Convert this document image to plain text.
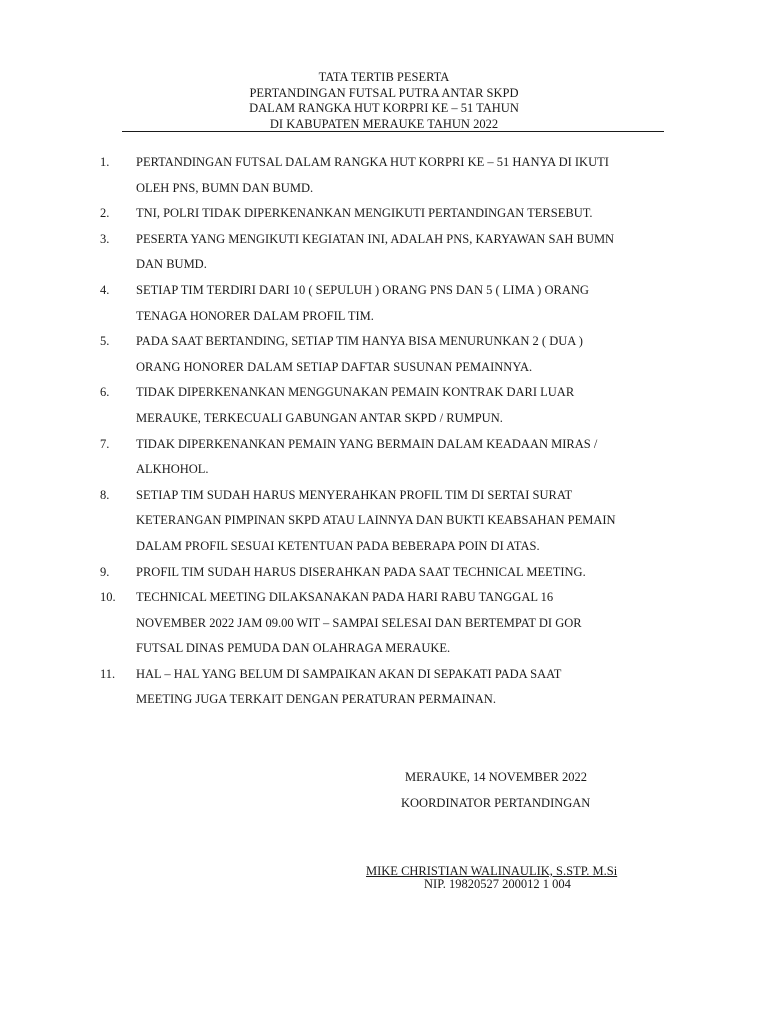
TATA TERTIB PESERTA
PERTANDINGAN FUTSAL PUTRA ANTAR SKPD
DALAM RANGKA HUT KORPRI KE – 51 TAHUN
DI KABUPATEN MERAUKE TAHUN 2022
1.	PERTANDINGAN FUTSAL DALAM RANGKA HUT KORPRI KE – 51 HANYA DI IKUTI
OLEH PNS, BUMN DAN BUMD.
2.	TNI, POLRI TIDAK DIPERKENANKAN MENGIKUTI PERTANDINGAN TERSEBUT.
3.	PESERTA YANG MENGIKUTI KEGIATAN INI, ADALAH PNS, KARYAWAN SAH BUMN
DAN BUMD.
4.	SETIAP TIM TERDIRI DARI 10 ( SEPULUH ) ORANG PNS DAN 5 ( LIMA ) ORANG
TENAGA HONORER DALAM PROFIL TIM.
5.	PADA SAAT BERTANDING, SETIAP TIM HANYA BISA MENURUNKAN 2 ( DUA )
ORANG HONORER DALAM SETIAP DAFTAR SUSUNAN PEMAINNYA.
6.	TIDAK DIPERKENANKAN MENGGUNAKAN PEMAIN KONTRAK DARI LUAR
MERAUKE, TERKECUALI GABUNGAN ANTAR SKPD / RUMPUN.
7.	TIDAK DIPERKENANKAN PEMAIN YANG BERMAIN DALAM KEADAAN MIRAS /
ALKHOHOL.
8.	SETIAP TIM SUDAH HARUS MENYERAHKAN PROFIL TIM DI SERTAI SURAT
KETERANGAN PIMPINAN SKPD ATAU LAINNYA DAN BUKTI KEABSAHAN PEMAIN
DALAM PROFIL SESUAI KETENTUAN PADA BEBERAPA POIN DI ATAS.
9.	PROFIL TIM SUDAH HARUS DISERAHKAN PADA SAAT TECHNICAL MEETING.
10.	TECHNICAL MEETING DILAKSANAKAN PADA HARI RABU TANGGAL 16
NOVEMBER 2022 JAM 09.00 WIT – SAMPAI SELESAI DAN BERTEMPAT DI GOR
FUTSAL DINAS PEMUDA DAN OLAHRAGA MERAUKE.
11.	HAL – HAL YANG BELUM DI SAMPAIKAN AKAN DI SEPAKATI PADA SAAT
MEETING JUGA TERKAIT DENGAN PERATURAN PERMAINAN.
MERAUKE, 14 NOVEMBER 2022
KOORDINATOR PERTANDINGAN
MIKE CHRISTIAN WALINAULIK, S.STP. M.Si
NIP. 19820527 200012 1 004
